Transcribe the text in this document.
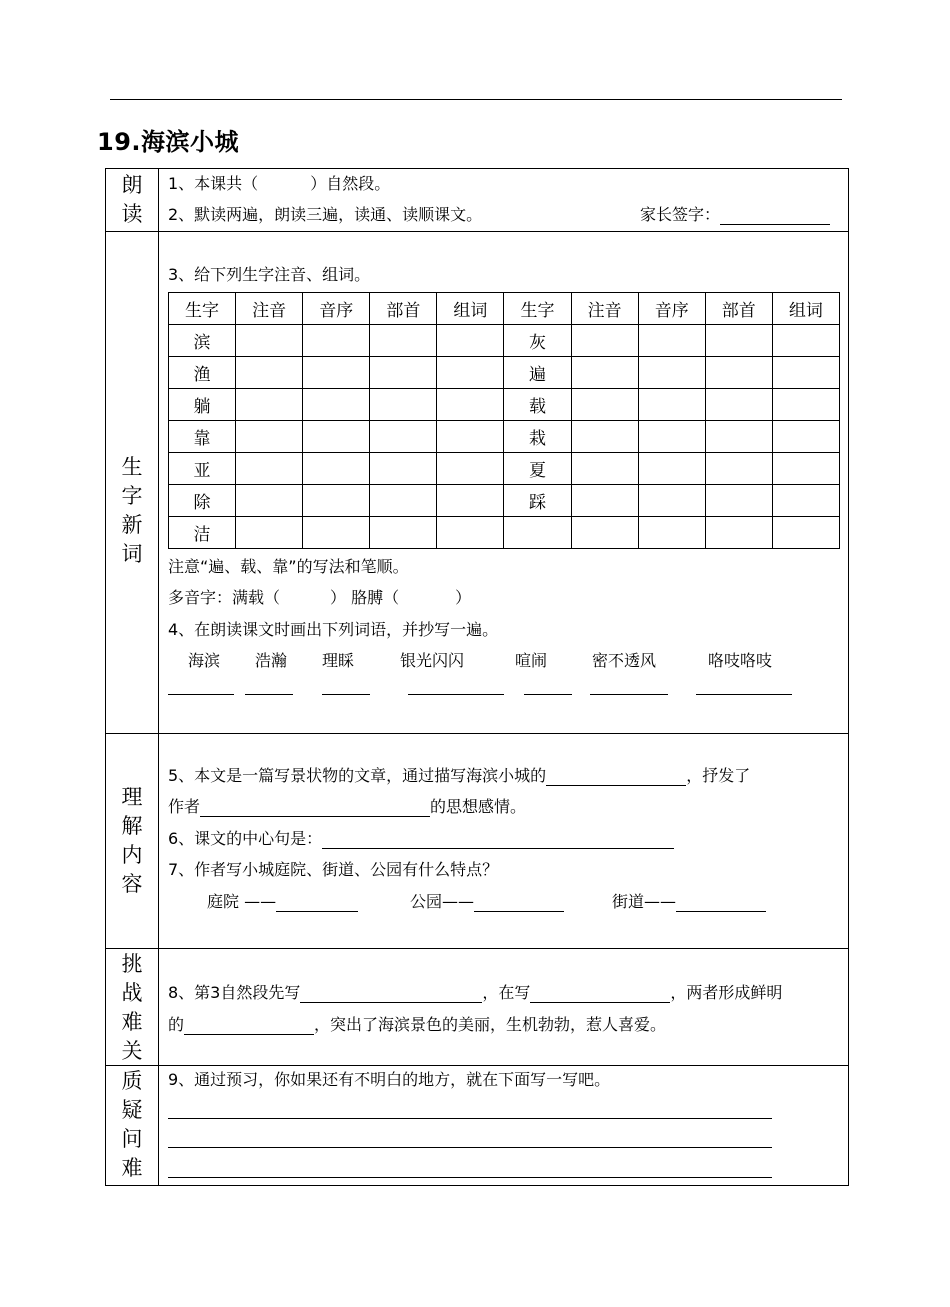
19.海滨小城
朗
读
1、本课共（	）自然段。
2、默读两遍，朗读三遍，读通、读顺课文。	家长签字：
生
字
新
词
3、给下列生字注音、组词。
生字	注音	音序	部首	组词	生字	注音	音序	部首	组词
滨					灰				
渔					遍				
躺					载				
靠					栽				
亚					夏				
除					踩				
洁									
注意“遍、载、靠”的写法和笔顺。
多音字：满载（	） 胳膊（	）
4、在朗读课文时画出下列词语，并抄写一遍。
海滨 浩瀚 理睬	银光闪闪	喧闹	密不透风	咯吱咯吱
理
解
内
容
5、本文是一篇写景状物的文章，通过描写海滨小城的	，抒发了
作者	的思想感情。
6、课文的中心句是：
7、作者写小城庭院、街道、公园有什么特点？
庭院 ——	公园——	街道——
挑
战
难
关
8、第3自然段先写	，在写	，两者形成鲜明
的	，突出了海滨景色的美丽，生机勃勃，惹人喜爱。
质
疑
问
难
9、通过预习，你如果还有不明白的地方，就在下面写一写吧。
